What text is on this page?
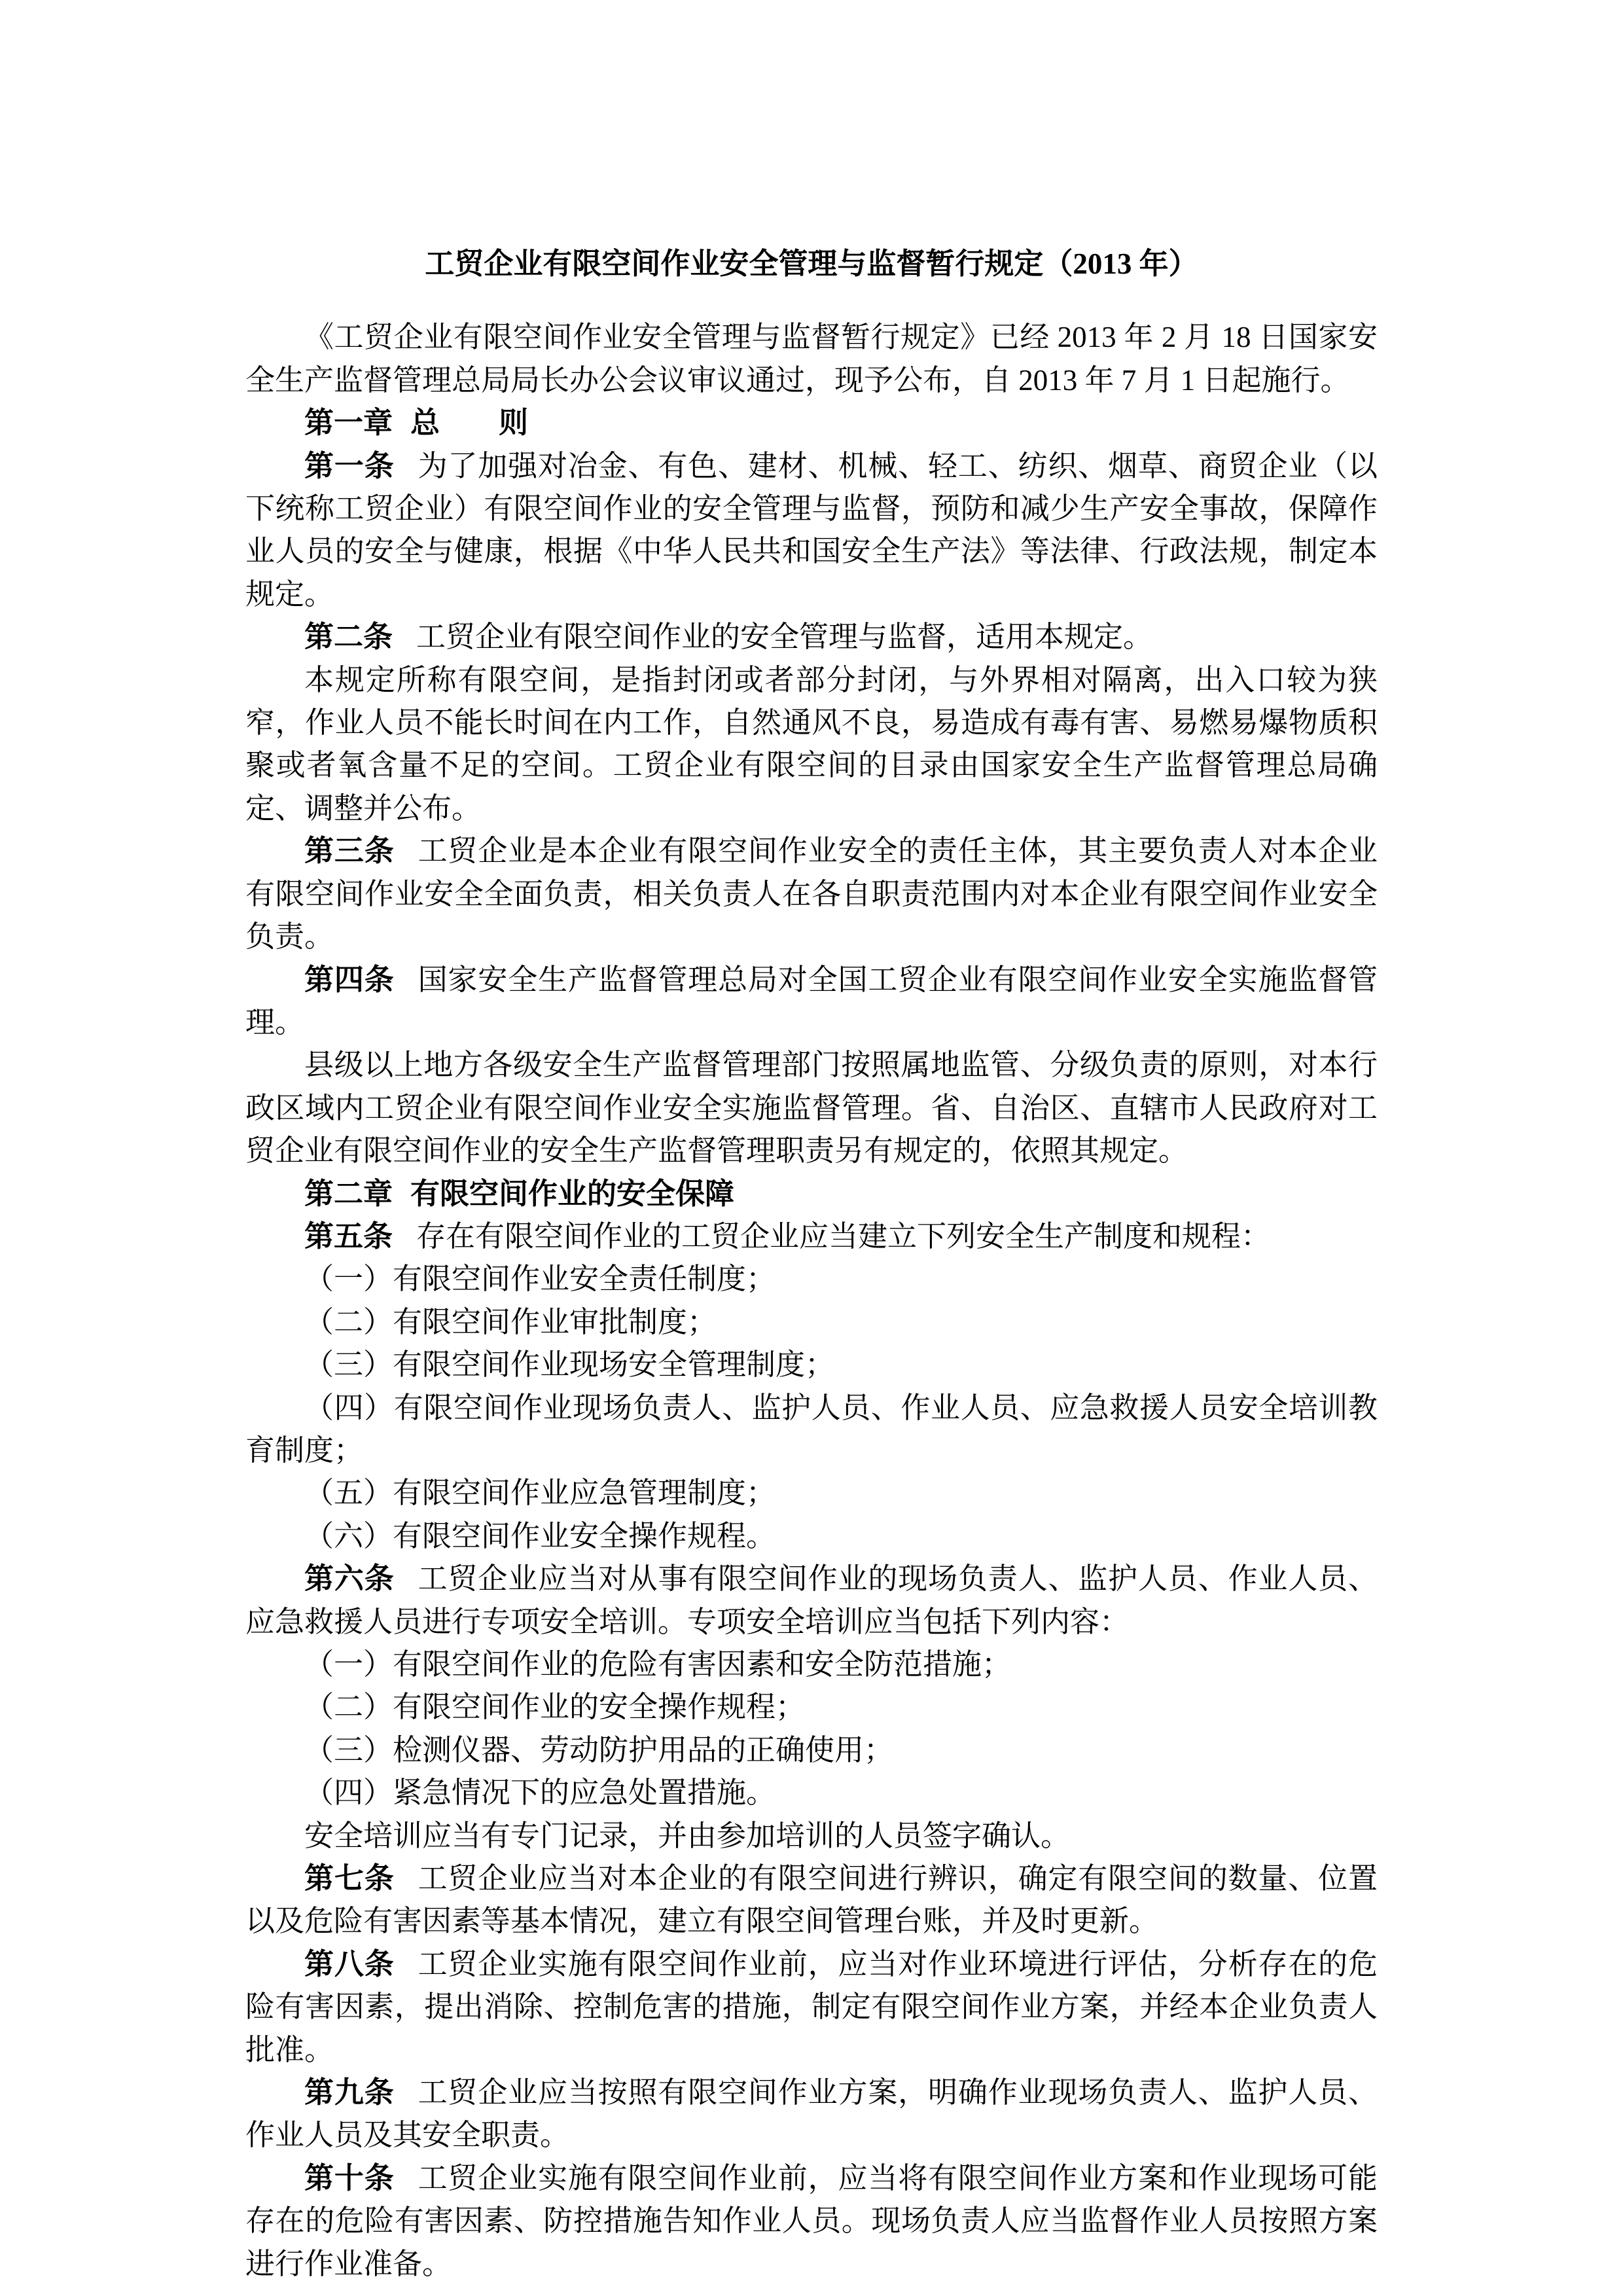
工贸企业有限空间作业安全管理与监督暂行规定（2013 年）

《工贸企业有限空间作业安全管理与监督暂行规定》已经 2013 年 2 月 18 日国家安全生产监督管理总局局长办公会议审议通过，现予公布，自 2013 年 7 月 1 日起施行。

第一章 总　　则

第一条 为了加强对冶金、有色、建材、机械、轻工、纺织、烟草、商贸企业（以下统称工贸企业）有限空间作业的安全管理与监督，预防和减少生产安全事故，保障作业人员的安全与健康，根据《中华人民共和国安全生产法》等法律、行政法规，制定本规定。

第二条 工贸企业有限空间作业的安全管理与监督，适用本规定。

本规定所称有限空间，是指封闭或者部分封闭，与外界相对隔离，出入口较为狭窄，作业人员不能长时间在内工作，自然通风不良，易造成有毒有害、易燃易爆物质积聚或者氧含量不足的空间。工贸企业有限空间的目录由国家安全生产监督管理总局确定、调整并公布。

第三条 工贸企业是本企业有限空间作业安全的责任主体，其主要负责人对本企业有限空间作业安全全面负责，相关负责人在各自职责范围内对本企业有限空间作业安全负责。

第四条 国家安全生产监督管理总局对全国工贸企业有限空间作业安全实施监督管理。

县级以上地方各级安全生产监督管理部门按照属地监管、分级负责的原则，对本行政区域内工贸企业有限空间作业安全实施监督管理。省、自治区、直辖市人民政府对工贸企业有限空间作业的安全生产监督管理职责另有规定的，依照其规定。

第二章 有限空间作业的安全保障

第五条 存在有限空间作业的工贸企业应当建立下列安全生产制度和规程：

（一）有限空间作业安全责任制度；

（二）有限空间作业审批制度；

（三）有限空间作业现场安全管理制度；

（四）有限空间作业现场负责人、监护人员、作业人员、应急救援人员安全培训教育制度；

（五）有限空间作业应急管理制度；

（六）有限空间作业安全操作规程。

第六条 工贸企业应当对从事有限空间作业的现场负责人、监护人员、作业人员、应急救援人员进行专项安全培训。专项安全培训应当包括下列内容：

（一）有限空间作业的危险有害因素和安全防范措施；

（二）有限空间作业的安全操作规程；

（三）检测仪器、劳动防护用品的正确使用；

（四）紧急情况下的应急处置措施。

安全培训应当有专门记录，并由参加培训的人员签字确认。

第七条 工贸企业应当对本企业的有限空间进行辨识，确定有限空间的数量、位置以及危险有害因素等基本情况，建立有限空间管理台账，并及时更新。

第八条 工贸企业实施有限空间作业前，应当对作业环境进行评估，分析存在的危险有害因素，提出消除、控制危害的措施，制定有限空间作业方案，并经本企业负责人批准。

第九条 工贸企业应当按照有限空间作业方案，明确作业现场负责人、监护人员、作业人员及其安全职责。

第十条 工贸企业实施有限空间作业前，应当将有限空间作业方案和作业现场可能存在的危险有害因素、防控措施告知作业人员。现场负责人应当监督作业人员按照方案进行作业准备。
